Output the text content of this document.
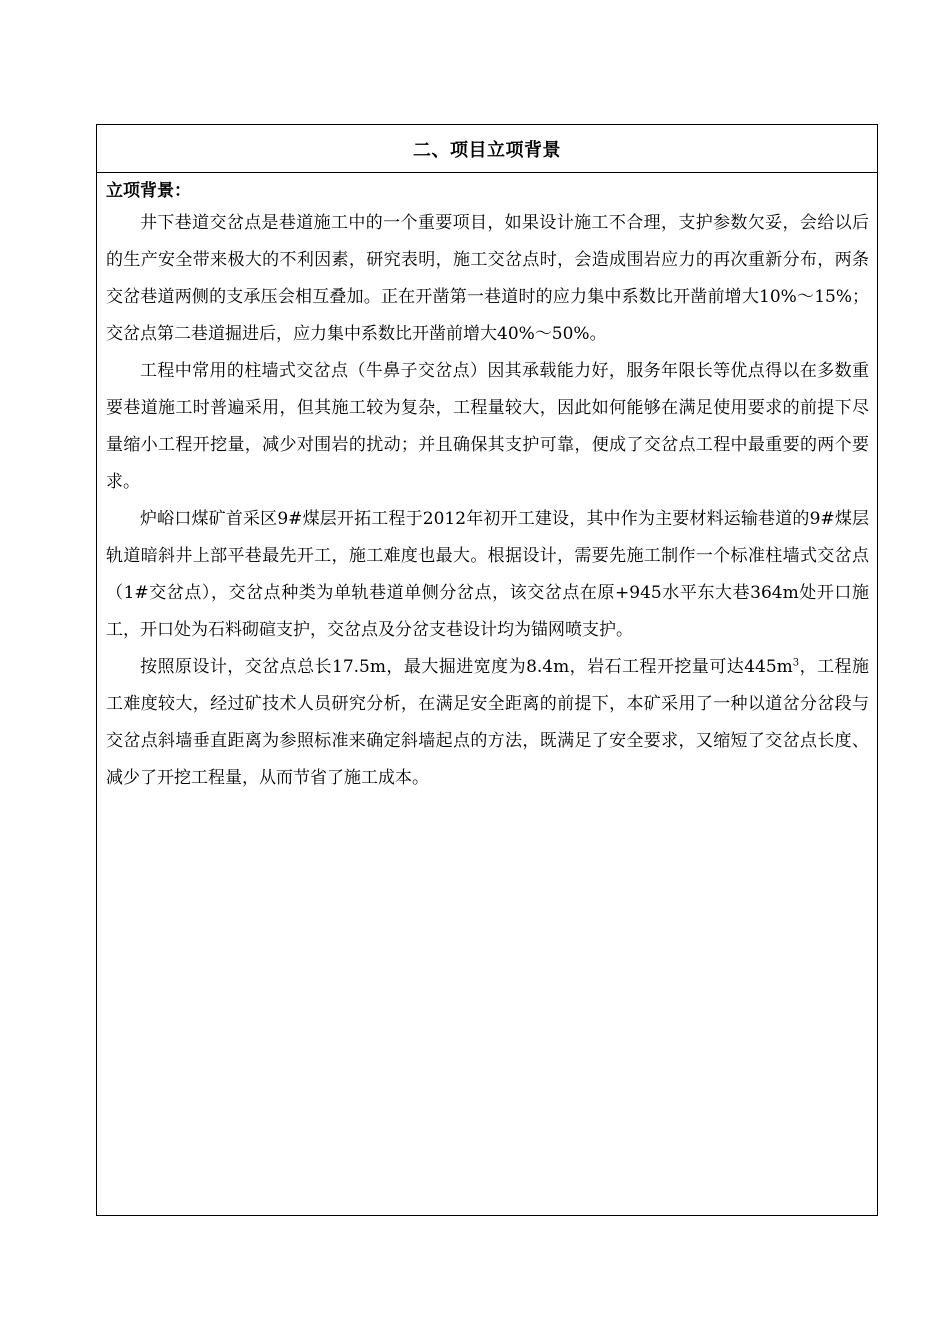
二、项目立项背景

立项背景：

井下巷道交岔点是巷道施工中的一个重要项目，如果设计施工不合理，支护参数欠妥，会给以后的生产安全带来极大的不利因素，研究表明，施工交岔点时，会造成围岩应力的再次重新分布，两条交岔巷道两侧的支承压会相互叠加。正在开凿第一巷道时的应力集中系数比开凿前增大10%～15%；交岔点第二巷道掘进后，应力集中系数比开凿前增大40%～50%。

工程中常用的柱墙式交岔点（牛鼻子交岔点）因其承载能力好，服务年限长等优点得以在多数重要巷道施工时普遍采用，但其施工较为复杂，工程量较大，因此如何能够在满足使用要求的前提下尽量缩小工程开挖量，减少对围岩的扰动；并且确保其支护可靠，便成了交岔点工程中最重要的两个要求。

炉峪口煤矿首采区9#煤层开拓工程于2012年初开工建设，其中作为主要材料运输巷道的9#煤层轨道暗斜井上部平巷最先开工，施工难度也最大。根据设计，需要先施工制作一个标准柱墙式交岔点（1#交岔点），交岔点种类为单轨巷道单侧分岔点，该交岔点在原+945水平东大巷364m处开口施工，开口处为石料砌碹支护，交岔点及分岔支巷设计均为锚网喷支护。

按照原设计，交岔点总长17.5m，最大掘进宽度为8.4m，岩石工程开挖量可达$445m^3$，工程施工难度较大，经过矿技术人员研究分析，在满足安全距离的前提下，本矿采用了一种以道岔分岔段与交岔点斜墙垂直距离为参照标准来确定斜墙起点的方法，既满足了安全要求，又缩短了交岔点长度、减少了开挖工程量，从而节省了施工成本。
